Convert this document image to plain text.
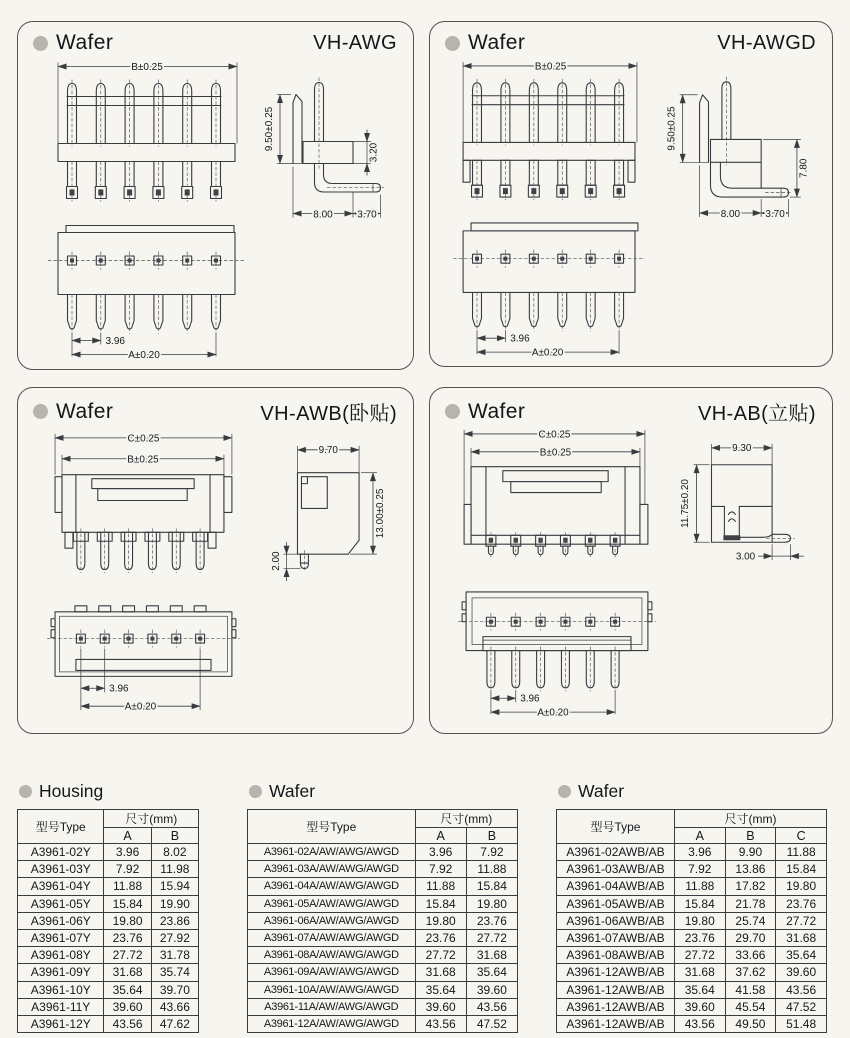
Wafer	VH-AWG
B±0.25
9.50±0.25
3.20
8.00 3.70
3.96
A±0.20
Wafer	VH-AWGD
B±0.25
9.50±0.25
7.80
8.00	3.70
3.96
A±0.20
Wafer	VH-AWB(卧贴)
C±0.25
B±0.25
9.70
13.00±0.25
2.00
3.96
A±0.20
Wafer	VH-AB(立贴)
C±0.25
B±0.25	9.30
11.75±0.20
3.00
3.96
A±0.20
Housing
型号Type	尺寸(mm)	
	A	B
A3961-02Y	3.96	8.02
A3961-03Y	7.92	11.98
A3961-04Y	11.88	15.94
A3961-05Y	15.84	19.90
A3961-06Y	19.80	23.86
A3961-07Y	23.76	27.92
A3961-08Y	27.72	31.78
A3961-09Y	31.68	35.74
A3961-10Y	35.64	39.70
A3961-11Y	39.60	43.66
A3961-12Y	43.56	47.62
Wafer
型号Type	尺寸(mm)	
	A	B
A3961-02A/AW/AWG/AWGD	3.96	7.92
A3961-03A/AW/AWG/AWGD	7.92	11.88
A3961-04A/AW/AWG/AWGD	11.88	15.84
A3961-05A/AW/AWG/AWGD	15.84	19.80
A3961-06A/AW/AWG/AWGD	19.80	23.76
A3961-07A/AW/AWG/AWGD	23.76	27.72
A3961-08A/AW/AWG/AWGD	27.72	31.68
A3961-09A/AW/AWG/AWGD	31.68	35.64
A3961-10A/AW/AWG/AWGD	35.64	39.60
A3961-11A/AW/AWG/AWGD	39.60	43.56
A3961-12A/AW/AWG/AWGD	43.56	47.52
Wafer
型号Type	尺寸(mm)		
	A	B	C
A3961-02AWB/AB	3.96	9.90	11.88
A3961-03AWB/AB	7.92	13.86	15.84
A3961-04AWB/AB	11.88	17.82	19.80
A3961-05AWB/AB	15.84	21.78	23.76
A3961-06AWB/AB	19.80	25.74	27.72
A3961-07AWB/AB	23.76	29.70	31.68
A3961-08AWB/AB	27.72	33.66	35.64
A3961-12AWB/AB	31.68	37.62	39.60
A3961-12AWB/AB	35.64	41.58	43.56
A3961-12AWB/AB	39.60	45.54	47.52
A3961-12AWB/AB	43.56	49.50	51.48
